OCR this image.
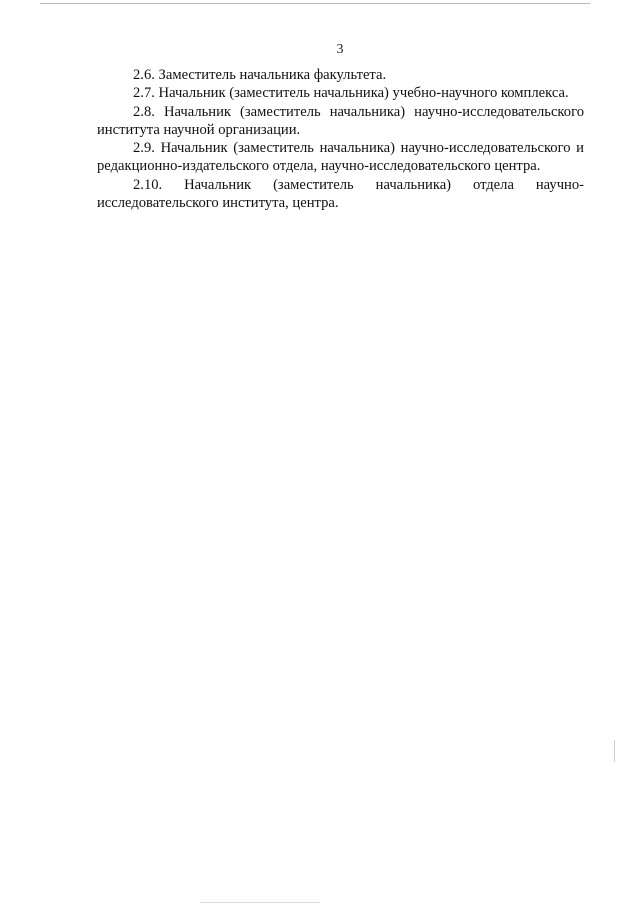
3

2.6. Заместитель начальника факультета.

2.7. Начальник (заместитель начальника) учебно-научного комплекса.

2.8. Начальник (заместитель начальника) научно-исследовательского института научной организации.

2.9. Начальник (заместитель начальника) научно-исследовательского и редакционно-издательского отдела, научно-исследовательского центра.

2.10. Начальник (заместитель начальника) отдела научно-исследовательского института, центра.
